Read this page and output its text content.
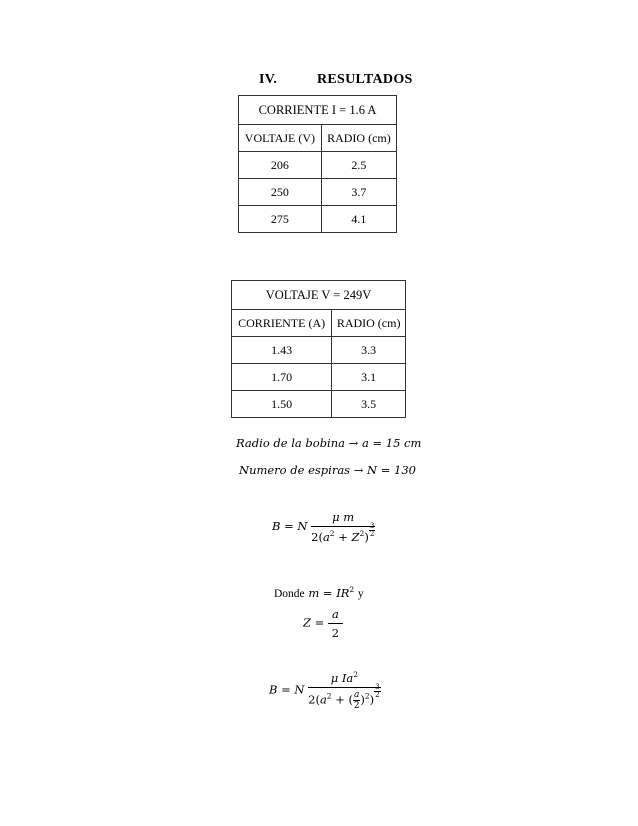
IV.	RESULTADOS
CORRIENTE I = 1.6 A	
VOLTAJE (V)	RADIO (cm)
206	2.5
250	3.7
275	4.1
VOLTAJE V = 249V	
CORRIENTE (A)	RADIO (cm)
1.43	3.3
1.70	3.1
1.50	3.5
Radio de la bobina → a = 15 cm
Numero de espiras → N = 130
B = N $\frac{\text{μ m}}{2(a^2 + Z^2) \frac{3}{2}}$
Donde $m = IR^2$ y
$Z = \frac{a}{2}$
B = N μ Ia$^2$
$2(a^2$ + ( $\frac{a}{2} )^2$)
$\frac{3}{2}$
